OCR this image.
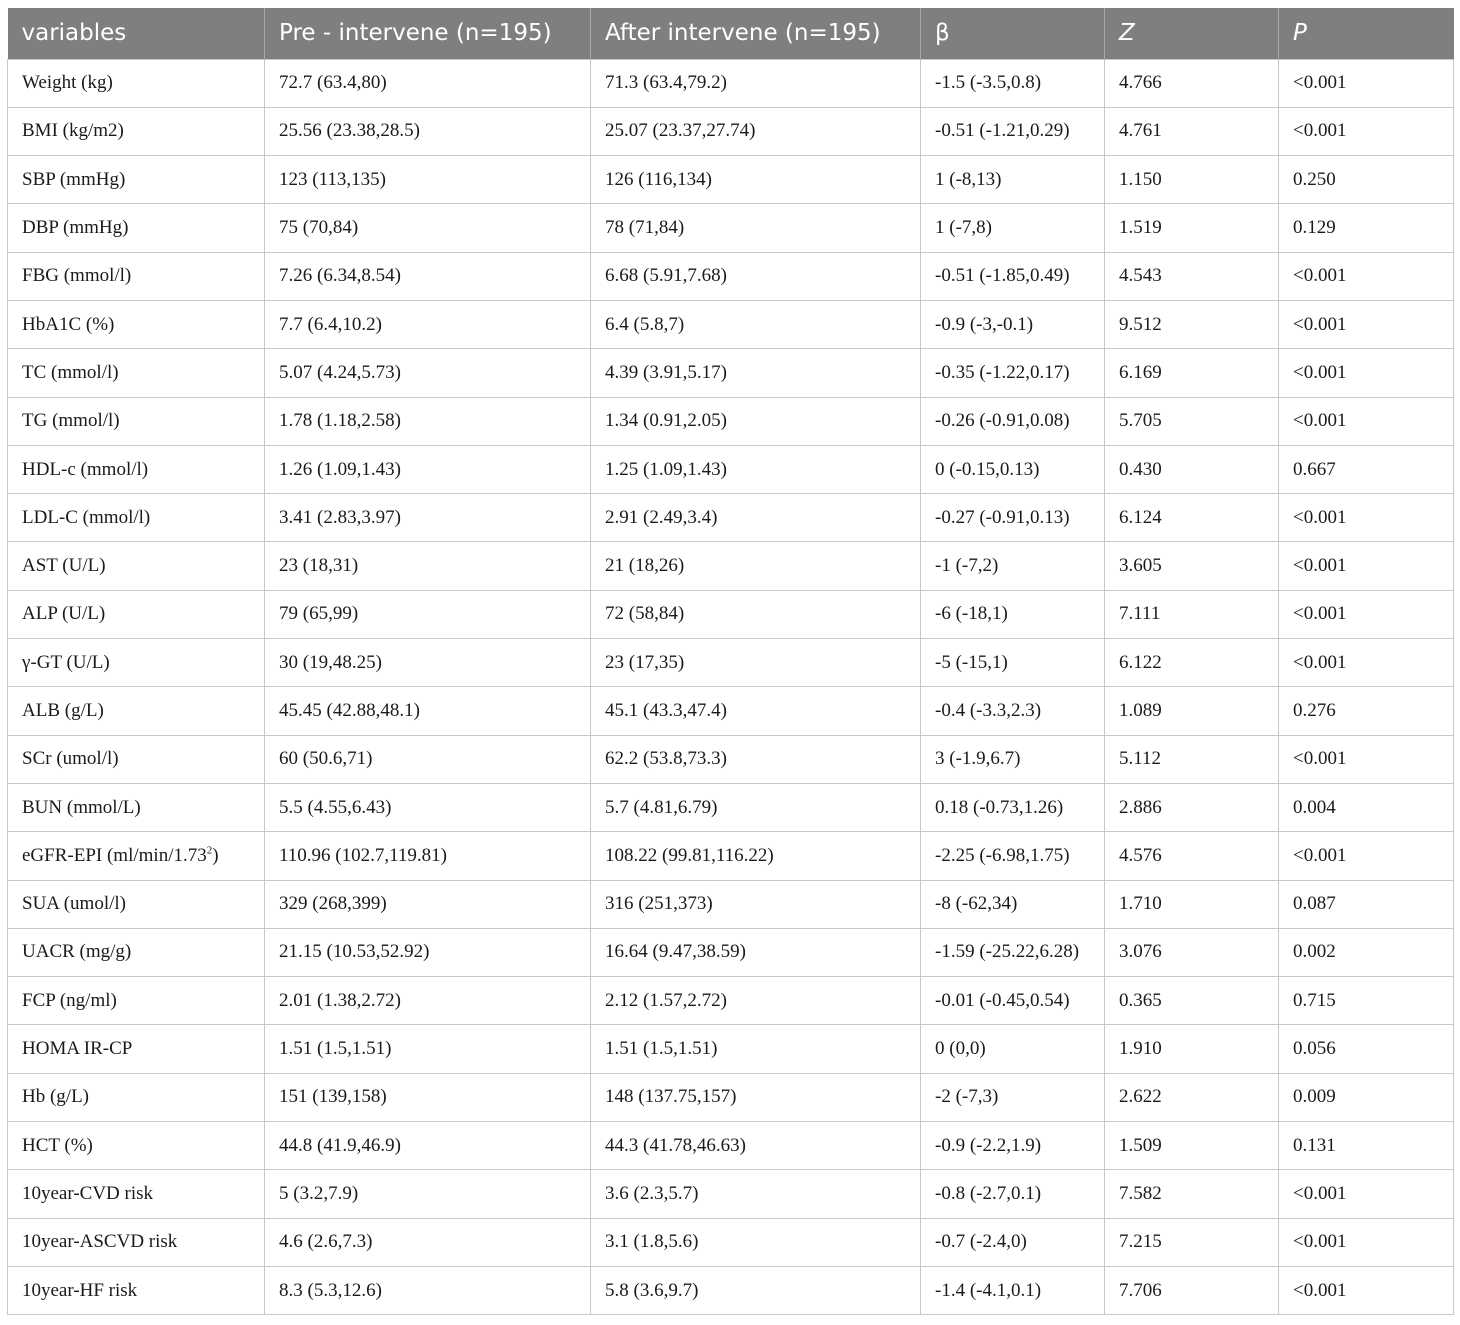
variables	Pre - intervene (n=195)	After intervene (n=195)	β	Z	P
Weight (kg)	72.7 (63.4,80)	71.3 (63.4,79.2)	-1.5 (-3.5,0.8)	4.766	<0.001
BMI (kg/m2)	25.56 (23.38,28.5)	25.07 (23.37,27.74)	-0.51 (-1.21,0.29)	4.761	<0.001
SBP (mmHg)	123 (113,135)	126 (116,134)	1 (-8,13)	1.150	0.250
DBP (mmHg)	75 (70,84)	78 (71,84)	1 (-7,8)	1.519	0.129
FBG (mmol/l)	7.26 (6.34,8.54)	6.68 (5.91,7.68)	-0.51 (-1.85,0.49)	4.543	<0.001
HbA1C (%)	7.7 (6.4,10.2)	6.4 (5.8,7)	-0.9 (-3,-0.1)	9.512	<0.001
TC (mmol/l)	5.07 (4.24,5.73)	4.39 (3.91,5.17)	-0.35 (-1.22,0.17)	6.169	<0.001
TG (mmol/l)	1.78 (1.18,2.58)	1.34 (0.91,2.05)	-0.26 (-0.91,0.08)	5.705	<0.001
HDL-c (mmol/l)	1.26 (1.09,1.43)	1.25 (1.09,1.43)	0 (-0.15,0.13)	0.430	0.667
LDL-C (mmol/l)	3.41 (2.83,3.97)	2.91 (2.49,3.4)	-0.27 (-0.91,0.13)	6.124	<0.001
AST (U/L)	23 (18,31)	21 (18,26)	-1 (-7,2)	3.605	<0.001
ALP (U/L)	79 (65,99)	72 (58,84)	-6 (-18,1)	7.111	<0.001
γ-GT (U/L)	30 (19,48.25)	23 (17,35)	-5 (-15,1)	6.122	<0.001
ALB (g/L)	45.45 (42.88,48.1)	45.1 (43.3,47.4)	-0.4 (-3.3,2.3)	1.089	0.276
SCr (umol/l)	60 (50.6,71)	62.2 (53.8,73.3)	3 (-1.9,6.7)	5.112	<0.001
BUN (mmol/L)	5.5 (4.55,6.43)	5.7 (4.81,6.79)	0.18 (-0.73,1.26)	2.886	0.004
eGFR-EPI (ml/min/1.73$^2$)	110.96 (102.7,119.81)	108.22 (99.81,116.22)	-2.25 (-6.98,1.75)	4.576	<0.001
SUA (umol/l)	329 (268,399)	316 (251,373)	-8 (-62,34)	1.710	0.087
UACR (mg/g)	21.15 (10.53,52.92)	16.64 (9.47,38.59)	-1.59 (-25.22,6.28)	3.076	0.002
FCP (ng/ml)	2.01 (1.38,2.72)	2.12 (1.57,2.72)	-0.01 (-0.45,0.54)	0.365	0.715
HOMA IR-CP	1.51 (1.5,1.51)	1.51 (1.5,1.51)	0 (0,0)	1.910	0.056
Hb (g/L)	151 (139,158)	148 (137.75,157)	-2 (-7,3)	2.622	0.009
HCT (%)	44.8 (41.9,46.9)	44.3 (41.78,46.63)	-0.9 (-2.2,1.9)	1.509	0.131
10year-CVD risk	5 (3.2,7.9)	3.6 (2.3,5.7)	-0.8 (-2.7,0.1)	7.582	<0.001
10year-ASCVD risk	4.6 (2.6,7.3)	3.1 (1.8,5.6)	-0.7 (-2.4,0)	7.215	<0.001
10year-HF risk	8.3 (5.3,12.6)	5.8 (3.6,9.7)	-1.4 (-4.1,0.1)	7.706	<0.001
